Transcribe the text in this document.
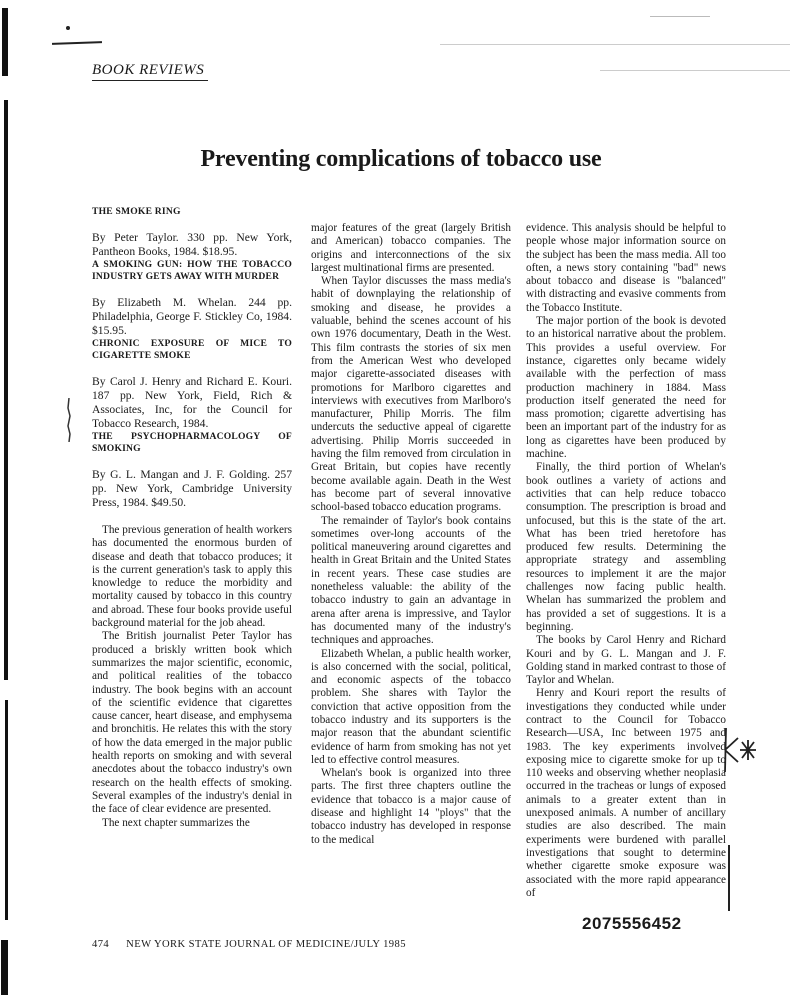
BOOK REVIEWS
Preventing complications of tobacco use
THE SMOKE RING

By Peter Taylor. 330 pp. New York, Pantheon Books, 1984. $18.95.

A SMOKING GUN: HOW THE TOBACCO INDUSTRY GETS AWAY WITH MURDER

By Elizabeth M. Whelan. 244 pp. Philadelphia, George F. Stickley Co, 1984. $15.95.

CHRONIC EXPOSURE OF MICE TO CIGARETTE SMOKE

By Carol J. Henry and Richard E. Kouri. 187 pp. New York, Field, Rich & Associates, Inc, for the Council for Tobacco Research, 1984.

THE PSYCHOPHARMACOLOGY OF SMOKING

By G. L. Mangan and J. F. Golding. 257 pp. New York, Cambridge University Press, 1984. $49.50.

The previous generation of health workers has documented the enormous burden of disease and death that tobacco produces; it is the current generation's task to apply this knowledge to reduce the morbidity and mortality caused by tobacco in this country and abroad. These four books provide useful background material for the job ahead.

The British journalist Peter Taylor has produced a briskly written book which summarizes the major scientific, economic, and political realities of the tobacco industry. The book begins with an account of the scientific evidence that cigarettes cause cancer, heart disease, and emphysema and bronchitis. He relates this with the story of how the data emerged in the major public health reports on smoking and with several anecdotes about the tobacco industry's own research on the health effects of smoking. Several examples of the industry's denial in the face of clear evidence are presented.

The next chapter summarizes the

major features of the great (largely British and American) tobacco companies. The origins and interconnections of the six largest multinational firms are presented.

When Taylor discusses the mass media's habit of downplaying the relationship of smoking and disease, he provides a valuable, behind the scenes account of his own 1976 documentary, Death in the West. This film contrasts the stories of six men from the American West who developed major cigarette-associated diseases with promotions for Marlboro cigarettes and interviews with executives from Marlboro's manufacturer, Philip Morris. The film undercuts the seductive appeal of cigarette advertising. Philip Morris succeeded in having the film removed from circulation in Great Britain, but copies have recently become available again. Death in the West has become part of several innovative school-based tobacco education programs.

The remainder of Taylor's book contains sometimes over-long accounts of the political maneuvering around cigarettes and health in Great Britain and the United States in recent years. These case studies are nonetheless valuable: the ability of the tobacco industry to gain an advantage in arena after arena is impressive, and Taylor has documented many of the industry's techniques and approaches.

Elizabeth Whelan, a public health worker, is also concerned with the social, political, and economic aspects of the tobacco problem. She shares with Taylor the conviction that active opposition from the tobacco industry and its supporters is the major reason that the abundant scientific evidence of harm from smoking has not yet led to effective control measures.

Whelan's book is organized into three parts. The first three chapters outline the evidence that tobacco is a major cause of disease and highlight 14 "ploys" that the tobacco industry has developed in response to the medical

evidence. This analysis should be helpful to people whose major information source on the subject has been the mass media. All too often, a news story containing "bad" news about tobacco and disease is "balanced" with distracting and evasive comments from the Tobacco Institute.

The major portion of the book is devoted to an historical narrative about the problem. This provides a useful overview. For instance, cigarettes only became widely available with the perfection of mass production machinery in 1884. Mass production itself generated the need for mass promotion; cigarette advertising has been an important part of the industry for as long as cigarettes have been produced by machine.

Finally, the third portion of Whelan's book outlines a variety of actions and activities that can help reduce tobacco consumption. The prescription is broad and unfocused, but this is the state of the art. What has been tried heretofore has produced few results. Determining the appropriate strategy and assembling resources to implement it are the major challenges now facing public health. Whelan has summarized the problem and has provided a set of suggestions. It is a beginning.

The books by Carol Henry and Richard Kouri and by G. L. Mangan and J. F. Golding stand in marked contrast to those of Taylor and Whelan.

Henry and Kouri report the results of investigations they conducted while under contract to the Council for Tobacco Research—USA, Inc between 1975 and 1983. The key experiments involved exposing mice to cigarette smoke for up to 110 weeks and observing whether neoplasia occurred in the tracheas or lungs of exposed animals to a greater extent than in unexposed animals. A number of ancillary studies are also described. The main experiments were burdened with parallel investigations that sought to determine whether cigarette smoke exposure was associated with the more rapid appearance of

2075556452
474 NEW YORK STATE JOURNAL OF MEDICINE/JULY 1985
